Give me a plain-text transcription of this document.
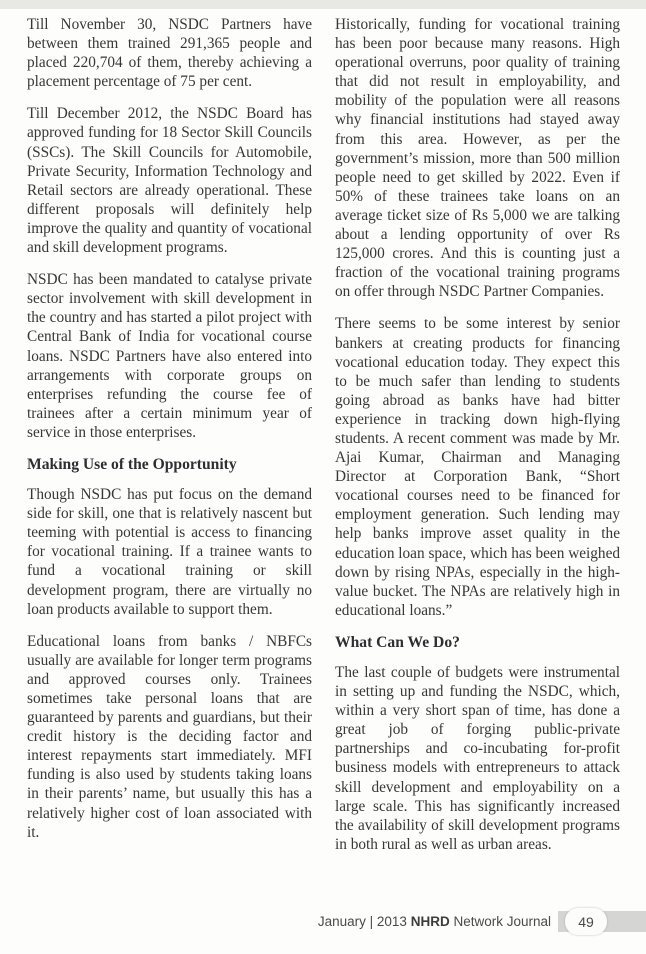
Till November 30, NSDC Partners have between them trained 291,365 people and placed 220,704 of them, thereby achieving a placement percentage of 75 per cent.

Till December 2012, the NSDC Board has approved funding for 18 Sector Skill Councils (SSCs). The Skill Councils for Automobile, Private Security, Information Technology and Retail sectors are already operational. These different proposals will definitely help improve the quality and quantity of vocational and skill development programs.

NSDC has been mandated to catalyse private sector involvement with skill development in the country and has started a pilot project with Central Bank of India for vocational course loans. NSDC Partners have also entered into arrangements with corporate groups on enterprises refunding the course fee of trainees after a certain minimum year of service in those enterprises.

Making Use of the Opportunity

Though NSDC has put focus on the demand side for skill, one that is relatively nascent but teeming with potential is access to financing for vocational training. If a trainee wants to fund a vocational training or skill development program, there are virtually no loan products available to support them.

Educational loans from banks / NBFCs usually are available for longer term programs and approved courses only. Trainees sometimes take personal loans that are guaranteed by parents and guardians, but their credit history is the deciding factor and interest repayments start immediately. MFI funding is also used by students taking loans in their parents’ name, but usually this has a relatively higher cost of loan associated with it.

Historically, funding for vocational training has been poor because many reasons. High operational overruns, poor quality of training that did not result in employability, and mobility of the population were all reasons why financial institutions had stayed away from this area. However, as per the government’s mission, more than 500 million people need to get skilled by 2022. Even if 50% of these trainees take loans on an average ticket size of Rs 5,000 we are talking about a lending opportunity of over Rs 125,000 crores. And this is counting just a fraction of the vocational training programs on offer through NSDC Partner Companies.

There seems to be some interest by senior bankers at creating products for financing vocational education today. They expect this to be much safer than lending to students going abroad as banks have had bitter experience in tracking down high-flying students. A recent comment was made by Mr. Ajai Kumar, Chairman and Managing Director at Corporation Bank, “Short vocational courses need to be financed for employment generation. Such lending may help banks improve asset quality in the education loan space, which has been weighed down by rising NPAs, especially in the high-value bucket. The NPAs are relatively high in educational loans.”

What Can We Do?

The last couple of budgets were instrumental in setting up and funding the NSDC, which, within a very short span of time, has done a great job of forging public-private partnerships and co-incubating for-profit business models with entrepreneurs to attack skill development and employability on a large scale. This has significantly increased the availability of skill development programs in both rural as well as urban areas.

January | 2013 NHRD Network Journal	49
